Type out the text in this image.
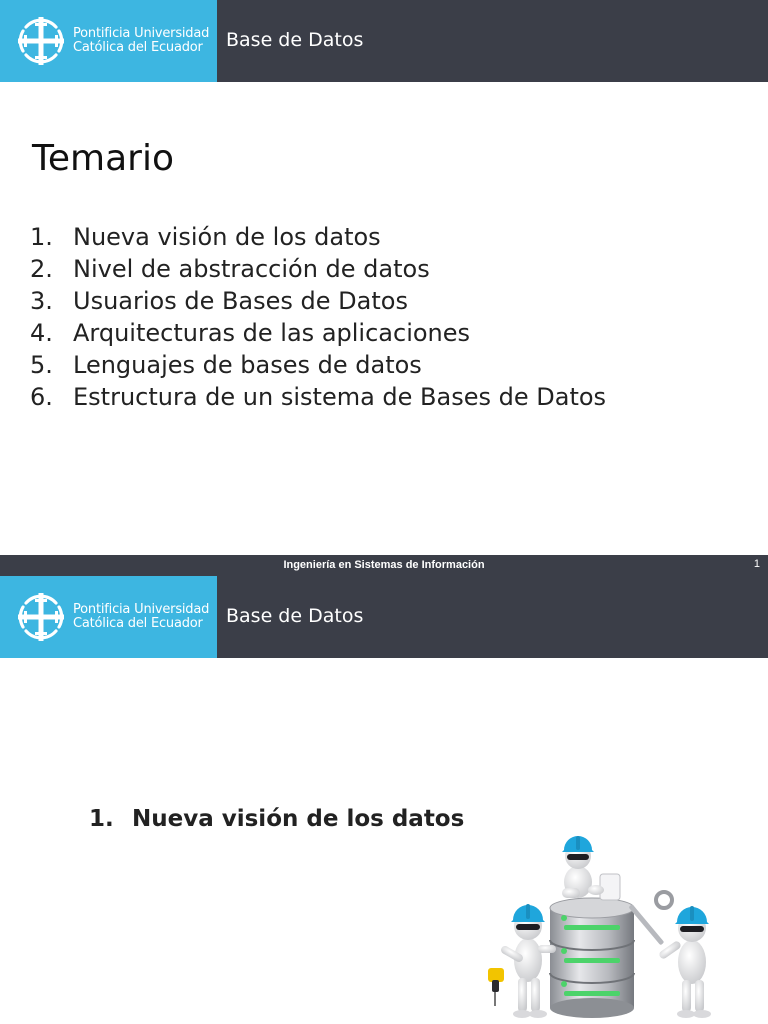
Pontificia Universidad
Católica del Ecuador	Base de Datos
Temario
1. Nueva visión de los datos
2. Nivel de abstracción de datos
3. Usuarios de Bases de Datos
4. Arquitecturas de las aplicaciones
5. Lenguajes de bases de datos
6. Estructura de un sistema de Bases de Datos
Ingeniería en Sistemas de Información	1
Pontificia Universidad
Católica del Ecuador	Base de Datos
1. Nueva visión de los datos
